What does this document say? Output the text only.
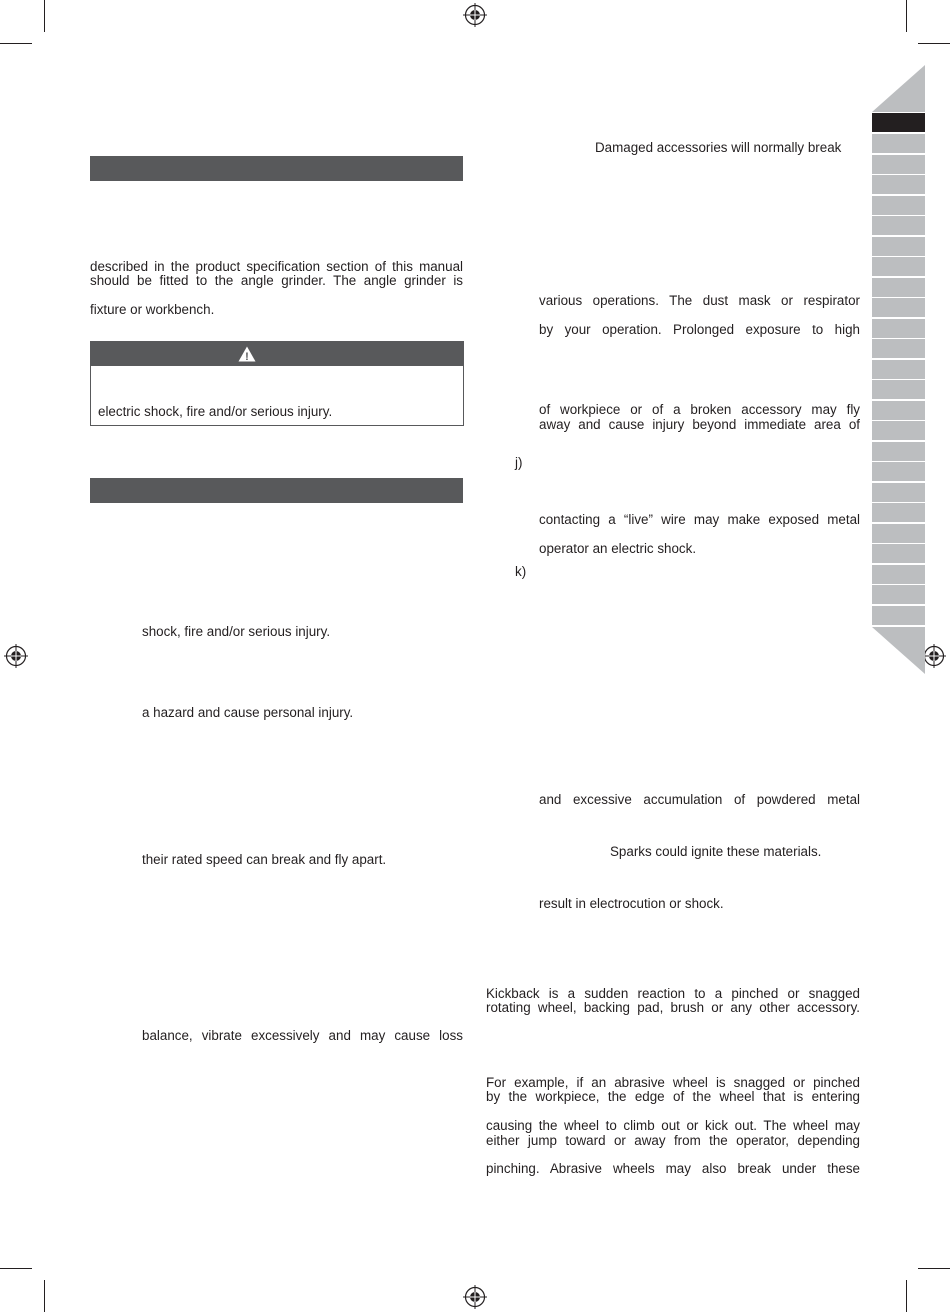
described in the product specification section of this manual
should be fitted to the angle grinder. The angle grinder is
fixture or workbench.
!
electric shock, fire and/or serious injury.
shock, fire and/or serious injury.
a hazard and cause personal injury.
their rated speed can break and fly apart.
balance, vibrate excessively and may cause loss
Damaged accessories will normally break
various operations. The dust mask or respirator
by your operation. Prolonged exposure to high
of workpiece or of a broken accessory may fly
away and cause injury beyond immediate area of
j)
contacting a “live” wire may make exposed metal
operator an electric shock.
k)
and excessive accumulation of powdered metal
Sparks could ignite these materials.
result in electrocution or shock.
Kickback is a sudden reaction to a pinched or snagged
rotating wheel, backing pad, brush or any other accessory.
For example, if an abrasive wheel is snagged or pinched
by the workpiece, the edge of the wheel that is entering
causing the wheel to climb out or kick out. The wheel may
either jump toward or away from the operator, depending
pinching. Abrasive wheels may also break under these
